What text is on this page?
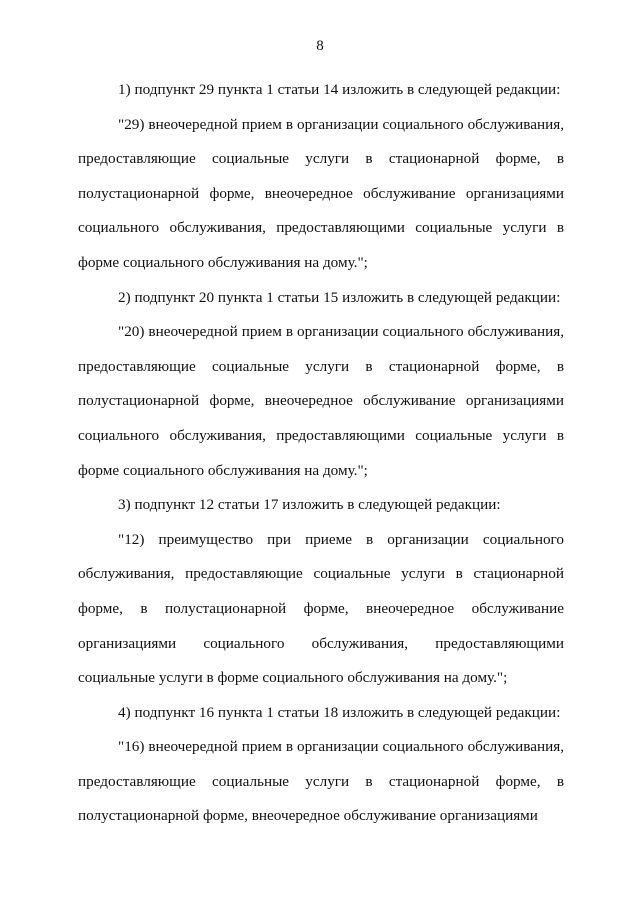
8

1) подпункт 29 пункта 1 статьи 14 изложить в следующей редакции:

"29) внеочередной прием в организации социального обслуживания, предоставляющие социальные услуги в стационарной форме, в полустационарной форме, внеочередное обслуживание организациями социального обслуживания, предоставляющими социальные услуги в форме социального обслуживания на дому.";

2) подпункт 20 пункта 1 статьи 15 изложить в следующей редакции:

"20) внеочередной прием в организации социального обслуживания, предоставляющие социальные услуги в стационарной форме, в полустационарной форме, внеочередное обслуживание организациями социального обслуживания, предоставляющими социальные услуги в форме социального обслуживания на дому.";

3) подпункт 12 статьи 17 изложить в следующей редакции:

"12) преимущество при приеме в организации социального обслуживания, предоставляющие социальные услуги в стационарной форме, в полустационарной форме, внеочередное обслуживание организациями социального обслуживания, предоставляющими социальные услуги в форме социального обслуживания на дому.";

4) подпункт 16 пункта 1 статьи 18 изложить в следующей редакции:

"16) внеочередной прием в организации социального обслуживания, предоставляющие социальные услуги в стационарной форме, в полустационарной форме, внеочередное обслуживание организациями
